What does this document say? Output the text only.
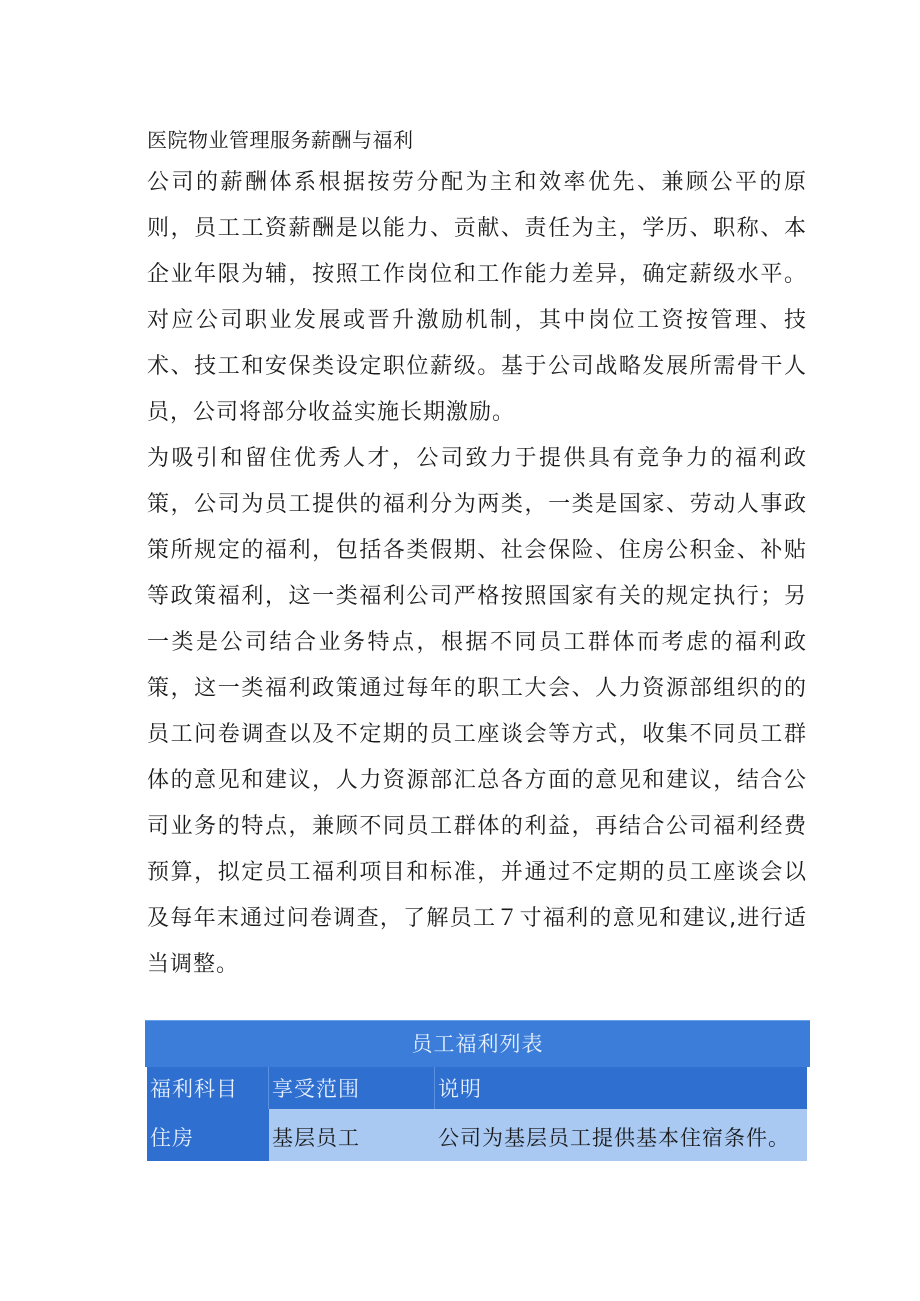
医院物业管理服务薪酬与福利

公司的薪酬体系根据按劳分配为主和效率优先、兼顾公平的原则，员工工资薪酬是以能力、贡献、责任为主，学历、职称、本企业年限为辅，按照工作岗位和工作能力差异，确定薪级水平。对应公司职业发展或晋升激励机制，其中岗位工资按管理、技术、技工和安保类设定职位薪级。基于公司战略发展所需骨干人员，公司将部分收益实施长期激励。

为吸引和留住优秀人才，公司致力于提供具有竞争力的福利政策，公司为员工提供的福利分为两类，一类是国家、劳动人事政策所规定的福利，包括各类假期、社会保险、住房公积金、补贴等政策福利，这一类福利公司严格按照国家有关的规定执行；另一类是公司结合业务特点，根据不同员工群体而考虑的福利政策，这一类福利政策通过每年的职工大会、人力资源部组织的的员工问卷调查以及不定期的员工座谈会等方式，收集不同员工群体的意见和建议，人力资源部汇总各方面的意见和建议，结合公司业务的特点，兼顾不同员工群体的利益，再结合公司福利经费预算，拟定员工福利项目和标准，并通过不定期的员工座谈会以及每年末通过问卷调查，了解员工７寸福利的意见和建议,进行适当调整。

员工福利列表
福利科目	享受范围	说明
住房	基层员工	公司为基层员工提供基本住宿条件。
